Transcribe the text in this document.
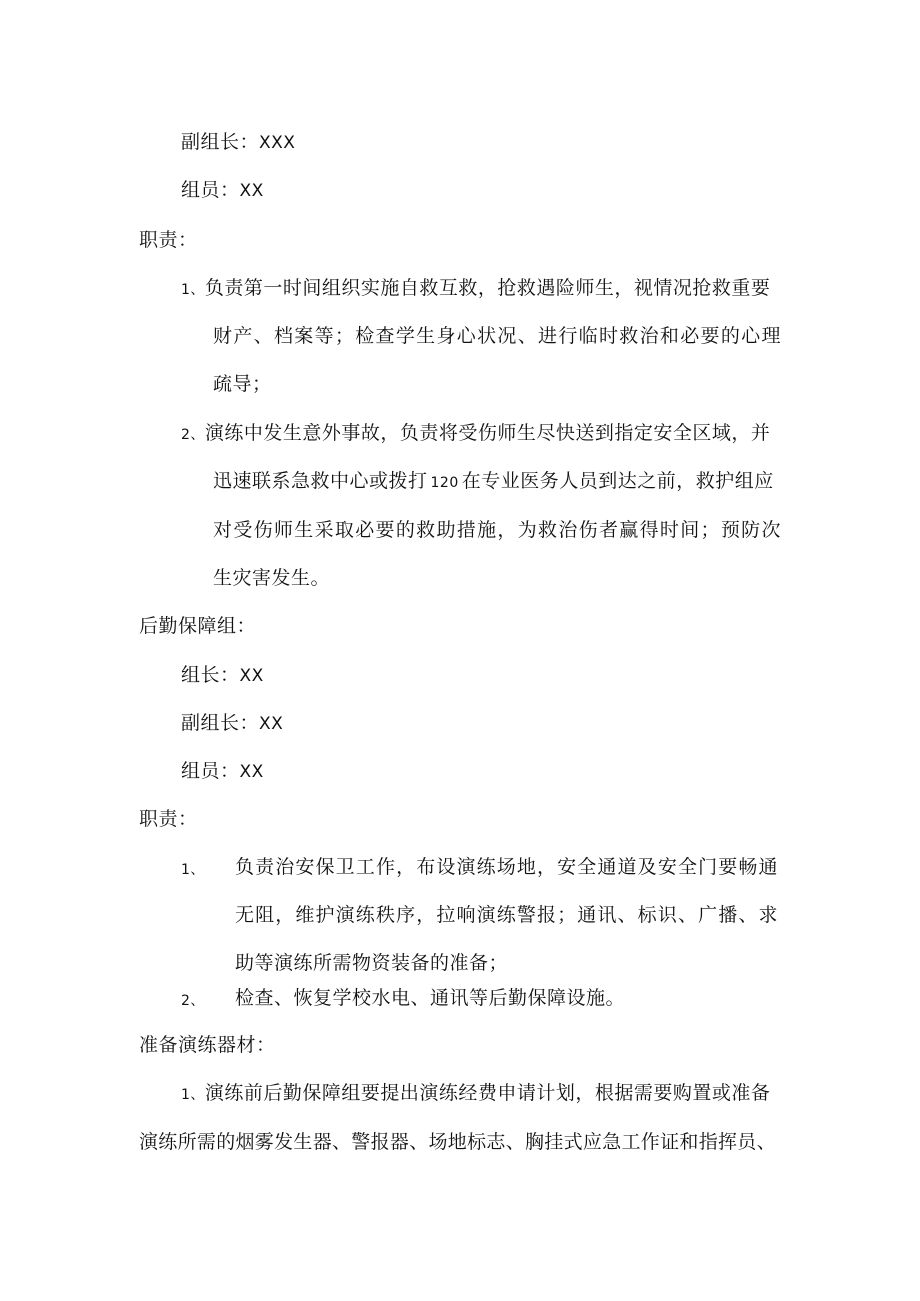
副组长：XXX
组员：XX
职责：
1、负责第一时间组织实施自救互救，抢救遇险师生，视情况抢救重要
财产、档案等；检查学生身心状况、进行临时救治和必要的心理
疏导；
2、演练中发生意外事故，负责将受伤师生尽快送到指定安全区域，并
迅速联系急救中心或拨打 120 在专业医务人员到达之前，救护组应
对受伤师生采取必要的救助措施，为救治伤者赢得时间；预防次
生灾害发生。
后勤保障组：
组长：XX
副组长：XX
组员：XX
职责：
1、 负责治安保卫工作，布设演练场地，安全通道及安全门要畅通
无阻，维护演练秩序，拉响演练警报；通讯、标识、广播、求
助等演练所需物资装备的准备；
2、 检查、恢复学校水电、通讯等后勤保障设施。
准备演练器材：
1、演练前后勤保障组要提出演练经费申请计划，根据需要购置或准备
演练所需的烟雾发生器、警报器、场地标志、胸挂式应急工作证和指挥员、
